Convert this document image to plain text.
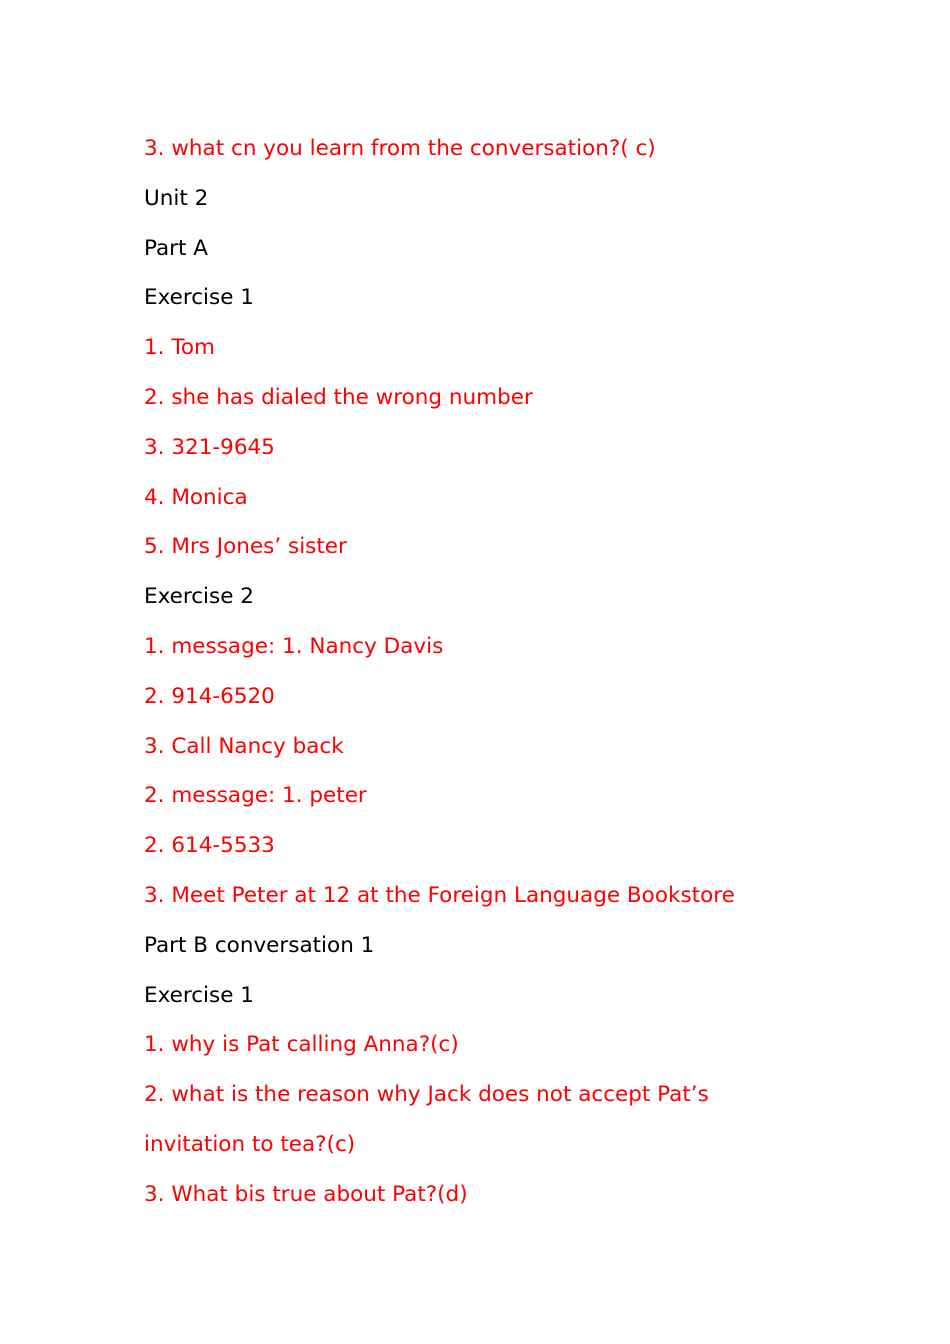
3. what cn you learn from the conversation?( c)
Unit 2
Part A
Exercise 1
1. Tom
2. she has dialed the wrong number
3. 321-9645
4. Monica
5. Mrs Jones’ sister
Exercise 2
1. message: 1. Nancy Davis
2. 914-6520
3. Call Nancy back
2. message: 1. peter
2. 614-5533
3. Meet Peter at 12 at the Foreign Language Bookstore
Part B conversation 1
Exercise 1
1. why is Pat calling Anna?(c)
2. what is the reason why Jack does not accept Pat’s
invitation to tea?(c)
3. What bis true about Pat?(d)
